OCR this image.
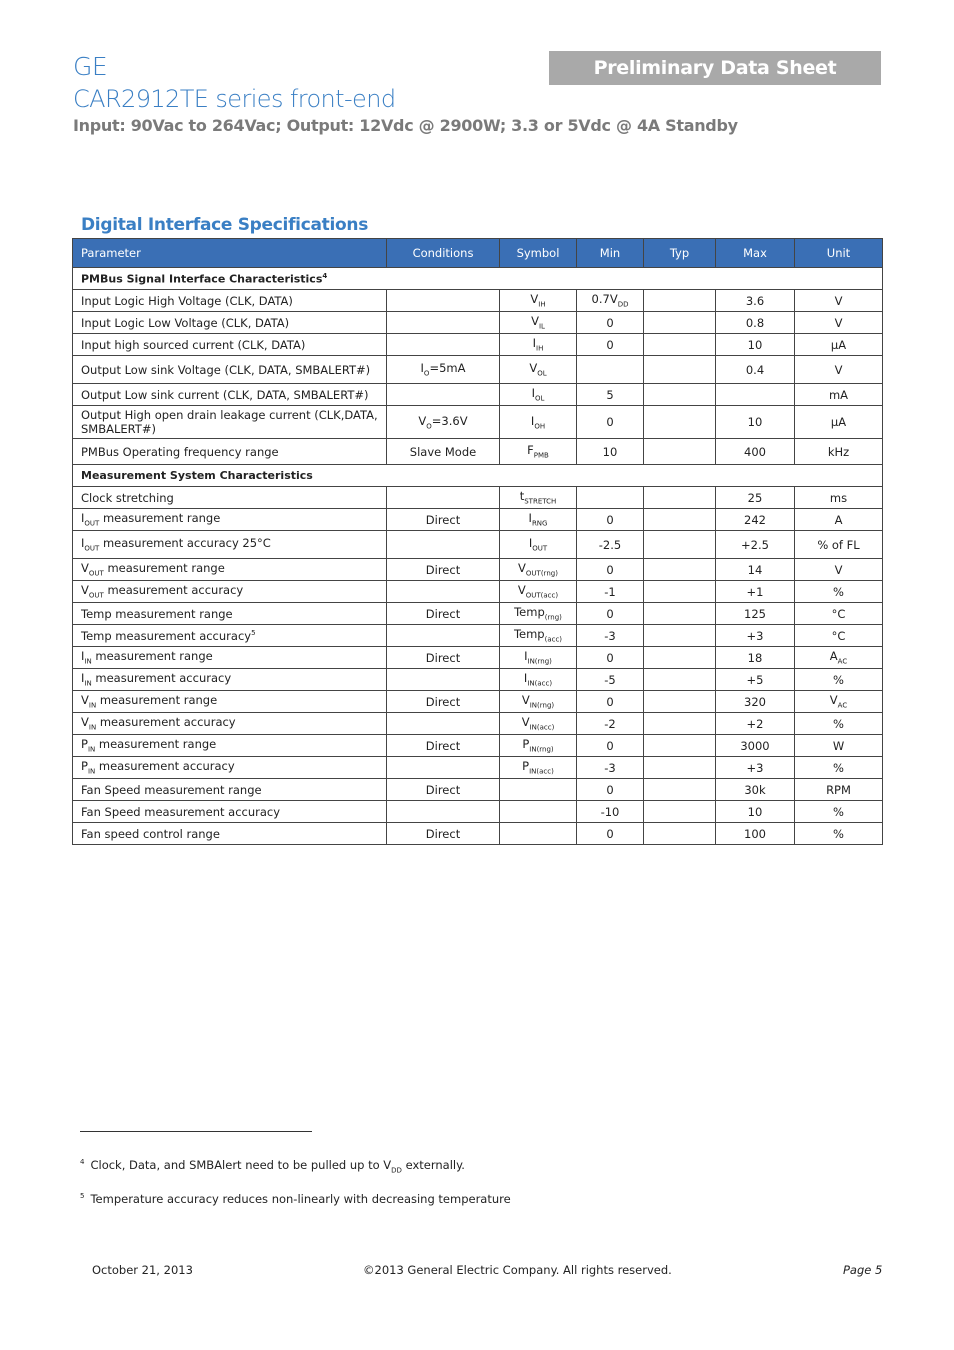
GE
CAR2912TE series front-end
Input: 90Vac to 264Vac; Output: 12Vdc @ 2900W; 3.3 or 5Vdc @ 4A Standby
Preliminary Data Sheet
Digital Interface Specifications
Parameter	Conditions	Symbol	Min	Typ	Max	Unit
PMBus Signal Interface Characteristics$^4$
Input Logic High Voltage (CLK, DATA)		$V_{IH}$	$0.7V_{DD}$		3.6	V
Input Logic Low Voltage (CLK, DATA)		$V_{IL}$	0		0.8	V
Input high sourced current (CLK, DATA)		$I_{IH}$	0		10	µA
Output Low sink Voltage (CLK, DATA, SMBALERT#)	$I_O=5mA$	$V_{OL}$			0.4	V
Output Low sink current (CLK, DATA, SMBALERT#)		$I_{OL}$	5			mA
Output High open drain leakage current (CLK,DATA, SMBALERT#)	$V_O=3.6V$	$I_{OH}$	0		10	µA
PMBus Operating frequency range	Slave Mode	$F_{PMB}$	10		400	kHz
Measurement System Characteristics						
Clock stretching		$t_{STRETCH}$			25	ms
$I_{OUT}$ measurement range	Direct	$I_{RNG}$	0		242	A
$I_{OUT}$ measurement accuracy 25°C		$I_{OUT}$	-2.5		+2.5	% of FL
$V_{OUT}$ measurement range	Direct	$V_{OUT(rng)}$	0		14	V
$V_{OUT}$ measurement accuracy		$V_{OUT(acc)}$	-1		+1	%
Temp measurement range	Direct	Temp$_{(rng)}$	0		125	°C
Temp measurement accuracy$^5$		Temp$_{(acc)}$	-3		+3	°C
$I_{IN}$ measurement range	Direct	$I_{IN(rng)}$	0		18	$A_{AC}$
$I_{IN}$ measurement accuracy		$I_{IN(acc)}$	-5		+5	%
$V_{IN}$ measurement range	Direct	$V_{IN(rng)}$	0		320	$V_{AC}$
$V_{IN}$ measurement accuracy		$V_{IN(acc)}$	-2		+2	%
$P_{IN}$ measurement range	Direct	$P_{IN(rng)}$	0		3000	W
$P_{IN}$ measurement accuracy		$P_{IN(acc)}$	-3		+3	%
Fan Speed measurement range	Direct		0		30k	RPM
Fan Speed measurement accuracy			-10		10	%
Fan speed control range	Direct		0		100	%
$^4$ Clock, Data, and SMBAlert need to be pulled up to $V_{DD}$ externally.
$^5$ Temperature accuracy reduces non-linearly with decreasing temperature
October 21, 2013	©2013 General Electric Company. All rights reserved.	Page 5
